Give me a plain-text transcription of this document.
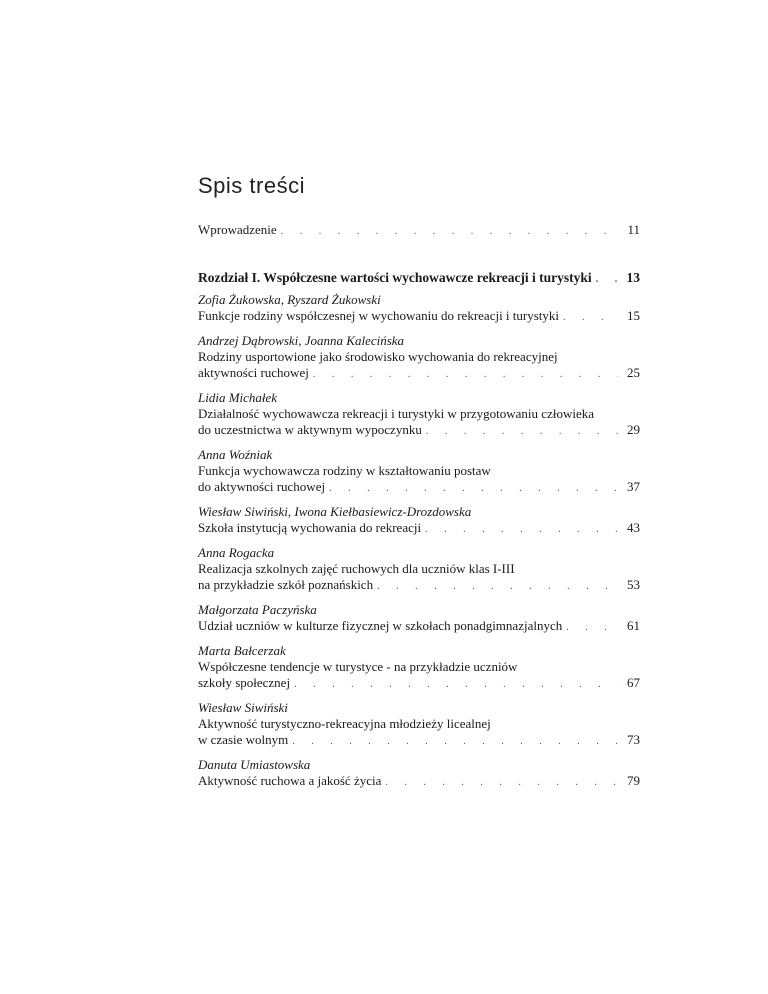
Spis treści
Wprowadzenie . . .	11
Rozdział I. Współczesne wartości wychowawcze rekreacji i turystyki . . .	13
Zofia Żukowska, Ryszard Żukowski
Funkcje rodziny współczesnej w wychowaniu do rekreacji i turystyki . . .	15
Andrzej Dąbrowski, Joanna Kalecińska
Rodziny usportowione jako środowisko wychowania do rekreacyjnej
aktywności ruchowej . . .	25
Lidia Michałek
Działalność wychowawcza rekreacji i turystyki w przygotowaniu człowieka
do uczestnictwa w aktywnym wypoczynku . . .	29
Anna Woźniak
Funkcja wychowawcza rodziny w kształtowaniu postaw
do aktywności ruchowej . . .	37
Wiesław Siwiński, Iwona Kiełbasiewicz-Drozdowska
Szkoła instytucją wychowania do rekreacji . . .	43
Anna Rogacka
Realizacja szkolnych zajęć ruchowych dla uczniów klas I-III
na przykładzie szkół poznańskich . . .	53
Małgorzata Paczyńska
Udział uczniów w kulturze fizycznej w szkołach ponadgimnazjalnych . . .	61
Marta Bałcerzak
Współczesne tendencje w turystyce - na przykładzie uczniów
szkoły społecznej . . .	67
Wiesław Siwiński
Aktywność turystyczno-rekreacyjna młodzieży licealnej
w czasie wolnym . . .	73
Danuta Umiastowska
Aktywność ruchowa a jakość życia . . .	79
